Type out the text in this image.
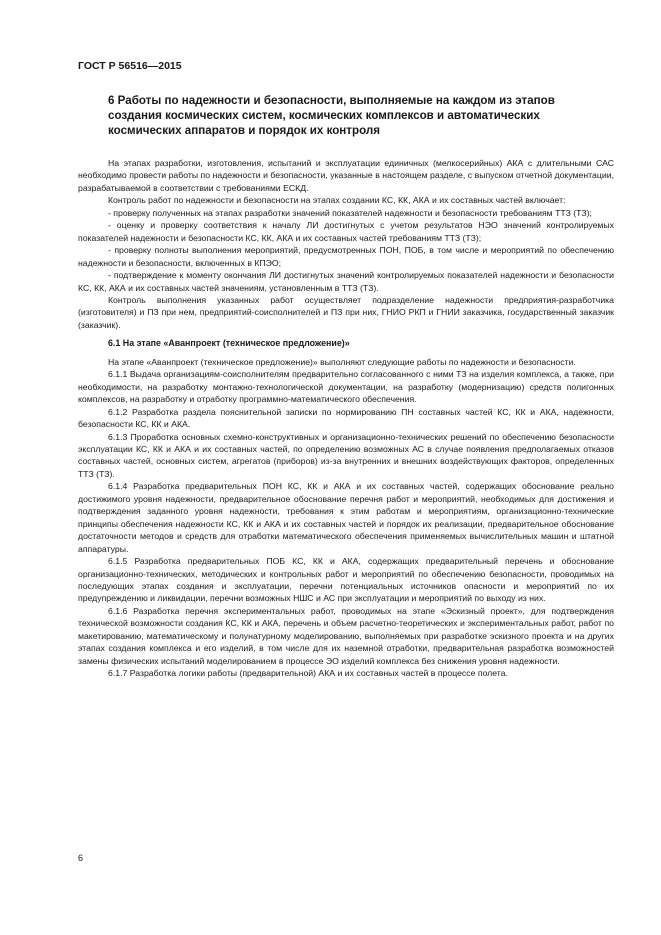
ГОСТ Р 56516—2015
6 Работы по надежности и безопасности, выполняемые на каждом из этапов создания космических систем, космических комплексов и автоматических космических аппаратов и порядок их контроля

На этапах разработки, изготовления, испытаний и эксплуатации единичных (мелкосерийных) АКА с длительными САС необходимо провести работы по надежности и безопасности, указанные в настоящем разделе, с выпуском отчетной документации, разрабатываемой в соответствии с требованиями ЕСКД.

Контроль работ по надежности и безопасности на этапах создании КС, КК, АКА и их составных частей включает:

- проверку полученных на этапах разработки значений показателей надежности и безопасности требованиям ТТЗ (ТЗ);

- оценку и проверку соответствия к началу ЛИ достигнутых с учетом результатов НЭО значений контролируемых показателей надежности и безопасности КС, КК, АКА и их составных частей требованиям ТТЗ (ТЗ);

- проверку полноты выполнения мероприятий, предусмотренных ПОН, ПОБ, в том числе и мероприятий по обеспечению надежности и безопасности, включенных в КПЭО;

- подтверждение к моменту окончания ЛИ достигнутых значений контролируемых показателей надежности и безопасности КС, КК, АКА и их составных частей значениям, установленным в ТТЗ (ТЗ).

Контроль выполнения указанных работ осуществляет подразделение надежности предприятия-разработчика (изготовителя) и ПЗ при нем, предприятий-соисполнителей и ПЗ при них, ГНИО РКП и ГНИИ заказчика, государственный заказчик (заказчик).

6.1 На этапе «Аванпроект (техническое предложение)»

На этапе «Аванпроект (техническое предложение)» выполняют следующие работы по надежности и безопасности.

6.1.1 Выдача организациям-соисполнителям предварительно согласованного с ними ТЗ на изделия комплекса, а также, при необходимости, на разработку монтажно-технологической документации, на разработку (модернизацию) средств полигонных комплексов, на разработку и отработку программно-математического обеспечения.

6.1.2 Разработка раздела пояснительной записки по нормированию ПН составных частей КС, КК и АКА, надежности, безопасности КС, КК и АКА.

6.1.3 Проработка основных схемно-конструктивных и организационно-технических решений по обеспечению безопасности эксплуатации КС, КК и АКА и их составных частей, по определению возможных АС в случае появления предполагаемых отказов составных частей, основных систем, агрегатов (приборов) из-за внутренних и внешних воздействующих факторов, определенных ТТЗ (ТЗ).

6.1.4 Разработка предварительных ПОН КС, КК и АКА и их составных частей, содержащих обоснование реально достижимого уровня надежности, предварительное обоснование перечня работ и мероприятий, необходимых для достижения и подтверждения заданного уровня надежности, требования к этим работам и мероприятиям, организационно-технические принципы обеспечения надежности КС, КК и АКА и их составных частей и порядок их реализации, предварительное обоснование достаточности методов и средств для отработки математического обеспечения применяемых вычислительных машин и штатной аппаратуры.

6.1.5 Разработка предварительных ПОБ КС, КК и АКА, содержащих предварительный перечень и обоснование организационно-технических, методических и контрольных работ и мероприятий по обеспечению безопасности, проводимых на последующих этапах создания и эксплуатации, перечни потенциальных источников опасности и мероприятий по их предупреждению и ликвидации, перечни возможных НШС и АС при эксплуатации и мероприятий по выходу из них.

6.1.6 Разработка перечня экспериментальных работ, проводимых на этапе «Эскизный проект», для подтверждения технической возможности создания КС, КК и АКА, перечень и объем расчетно-теоретических и экспериментальных работ, работ по макетированию, математическому и полунатурному моделированию, выполняемых при разработке эскизного проекта и на других этапах создания комплекса и его изделий, в том числе для их наземной отработки, предварительная разработка возможностей замены физических испытаний моделированием в процессе ЭО изделий комплекса без снижения уровня надежности.

6.1.7 Разработка логики работы (предварительной) АКА и их составных частей в процессе полета.

6
